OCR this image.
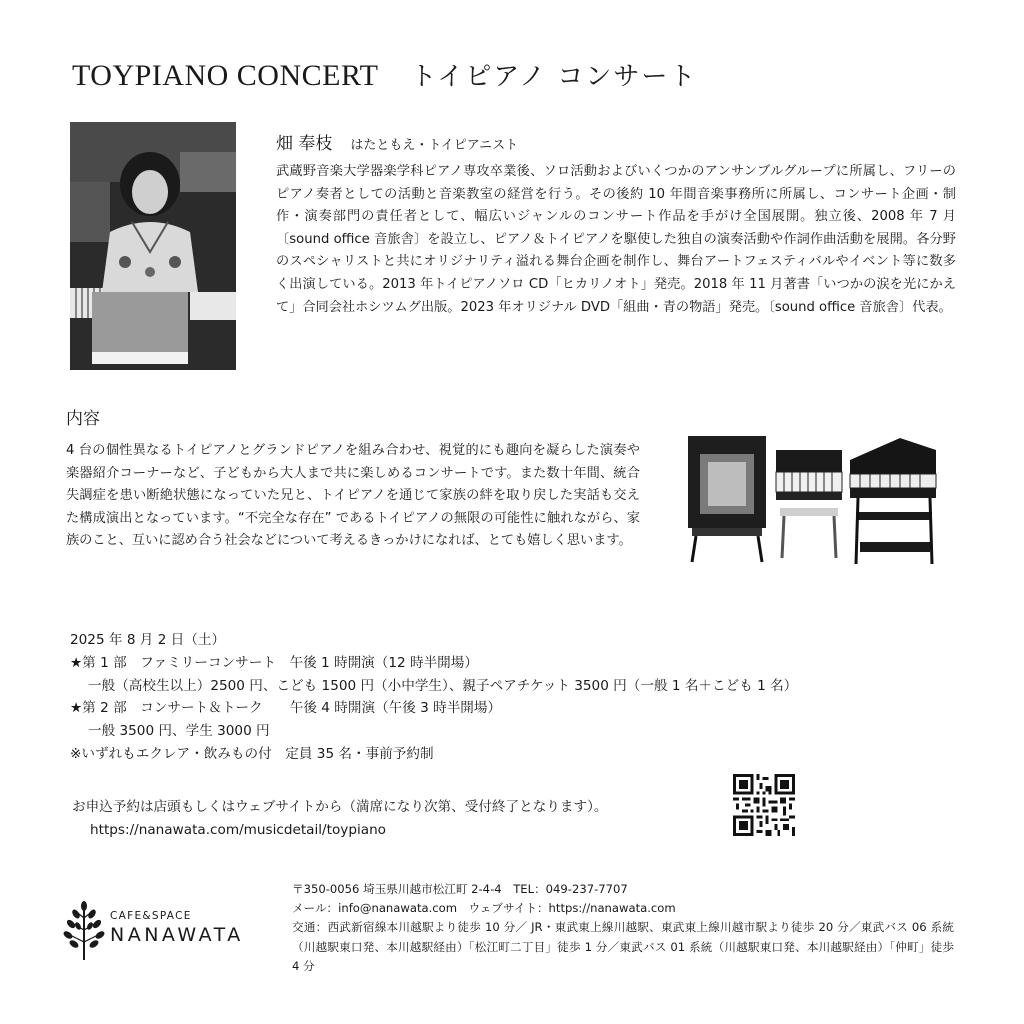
TOYPIANO CONCERT トイピアノ コンサート
畑 奉枝 はたともえ・トイピアニスト

武蔵野音楽大学器楽学科ピアノ専攻卒業後、ソロ活動およびいくつかのアンサンブルグループに所属し、フリーのピアノ奏者としての活動と音楽教室の経営を行う。その後約 10 年間音楽事務所に所属し、コンサート企画・制作・演奏部門の責任者として、幅広いジャンルのコンサート作品を手がけ全国展開。独立後、2008 年 7 月〔sound office 音旅舎〕を設立し、ピアノ＆トイピアノを駆使した独自の演奏活動や作詞作曲活動を展開。各分野のスペシャリストと共にオリジナリティ溢れる舞台企画を制作し、舞台アートフェスティバルやイベント等に数多く出演している。2013 年トイピアノソロ CD「ヒカリノオト」発売。2018 年 11 月著書「いつかの涙を光にかえて」合同会社ホシツムグ出版。2023 年オリジナル DVD「組曲・青の物語」発売。〔sound office 音旅舎〕代表。

内容

4 台の個性異なるトイピアノとグランドピアノを組み合わせ、視覚的にも趣向を凝らした演奏や楽器紹介コーナーなど、子どもから大人まで共に楽しめるコンサートです。また数十年間、統合失調症を患い断絶状態になっていた兄と、トイピアノを通じて家族の絆を取り戻した実話も交えた構成演出となっています。“不完全な存在” であるトイピアノの無限の可能性に触れながら、家族のこと、互いに認め合う社会などについて考えるきっかけになれば、とても嬉しく思います。

2025 年 8 月 2 日（土）
★第 1 部　ファミリーコンサート　午後 1 時開演（12 時半開場）
一般（高校生以上）2500 円、こども 1500 円（小中学生）、親子ペアチケット 3500 円（一般 1 名＋こども 1 名）
★第 2 部　コンサート＆トーク　　午後 4 時開演（午後 3 時半開場）
一般 3500 円、学生 3000 円
※いずれもエクレア・飲みもの付　定員 35 名・事前予約制
お申込予約は店頭もしくはウェブサイトから（満席になり次第、受付終了となります）。
https://nanawata.com/musicdetail/toypiano
CAFE&SPACE
NANAWATA
〒350-0056 埼玉県川越市松江町 2-4-4　TEL：049-237-7707
メール：info@nanawata.com　ウェブサイト：https://nanawata.com
交通：西武新宿線本川越駅より徒歩 10 分／ JR・東武東上線川越駅、東武東上線川越市駅より徒歩 20 分／東武バス 06 系統（川越駅東口発、本川越駅経由）「松江町二丁目」徒歩 1 分／東武バス 01 系統（川越駅東口発、本川越駅経由）「仲町」徒歩 4 分
